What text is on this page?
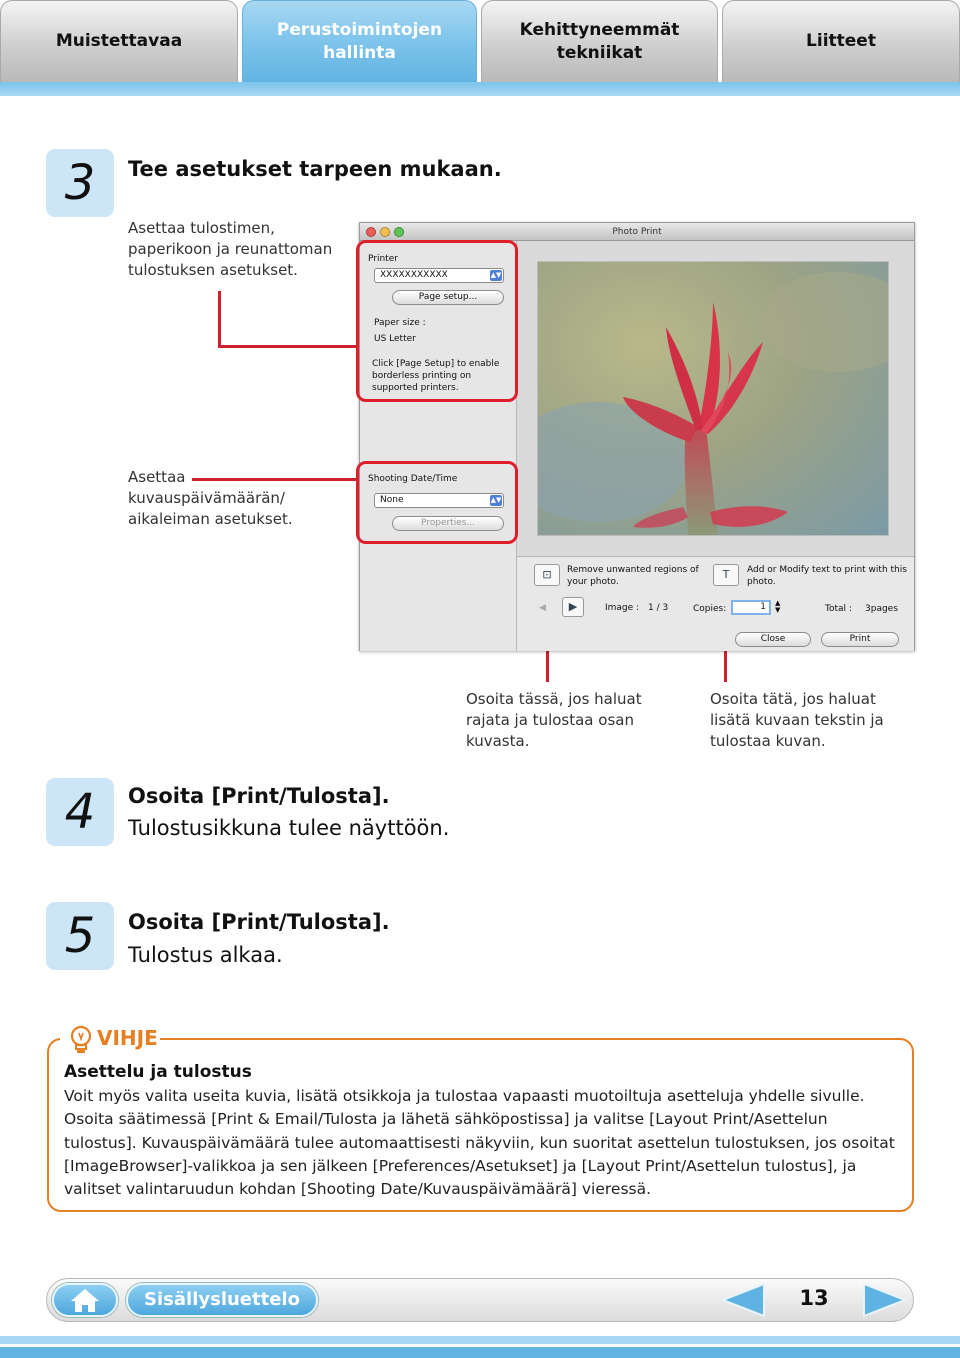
Muistettavaa
Perustoimintojen hallinta
Kehittyneemmät tekniikat
Liitteet
3	Tee asetukset tarpeen mukaan.
Asettaa tulostimen, paperikoon ja reunattoman tulostuksen asetukset.
Asettaa kuvauspäivämäärän/ aikaleiman asetukset.
Photo Print
Printer
XXXXXXXXXXX	▲▼
Page setup...
Paper size :
US Letter
Click [Page Setup] to enable borderless printing on supported printers.
Shooting Date/Time
None	▲▼
Properties...
⊡	Remove unwanted regions of your photo.
T	Add or Modify text to print with this photo.
◀	▶	Image : 1 / 3	Copies:	1	▲
▼	Total : 3pages
Close	Print
Osoita tässä, jos haluat rajata ja tulostaa osan kuvasta.
Osoita tätä, jos haluat lisätä kuvaan tekstin ja tulostaa kuvan.
4	Osoita [Print/Tulosta].
Tulostusikkuna tulee näyttöön.
5	Osoita [Print/Tulosta].
Tulostus alkaa.
VIHJE
Asettelu ja tulostus
Voit myös valita useita kuvia, lisätä otsikkoja ja tulostaa vapaasti muotoiltuja asetteluja yhdelle sivulle. Osoita säätimessä [Print & Email/Tulosta ja lähetä sähköpostissa] ja valitse [Layout Print/Asettelun tulostus]. Kuvauspäivämäärä tulee automaattisesti näkyviin, kun suoritat asettelun tulostuksen, jos osoitat [ImageBrowser]-valikkoa ja sen jälkeen [Preferences/Asetukset] ja [Layout Print/Asettelun tulostus], ja valitset valintaruudun kohdan [Shooting Date/Kuvauspäivämäärä] vieressä.
Sisällysluettelo	13
